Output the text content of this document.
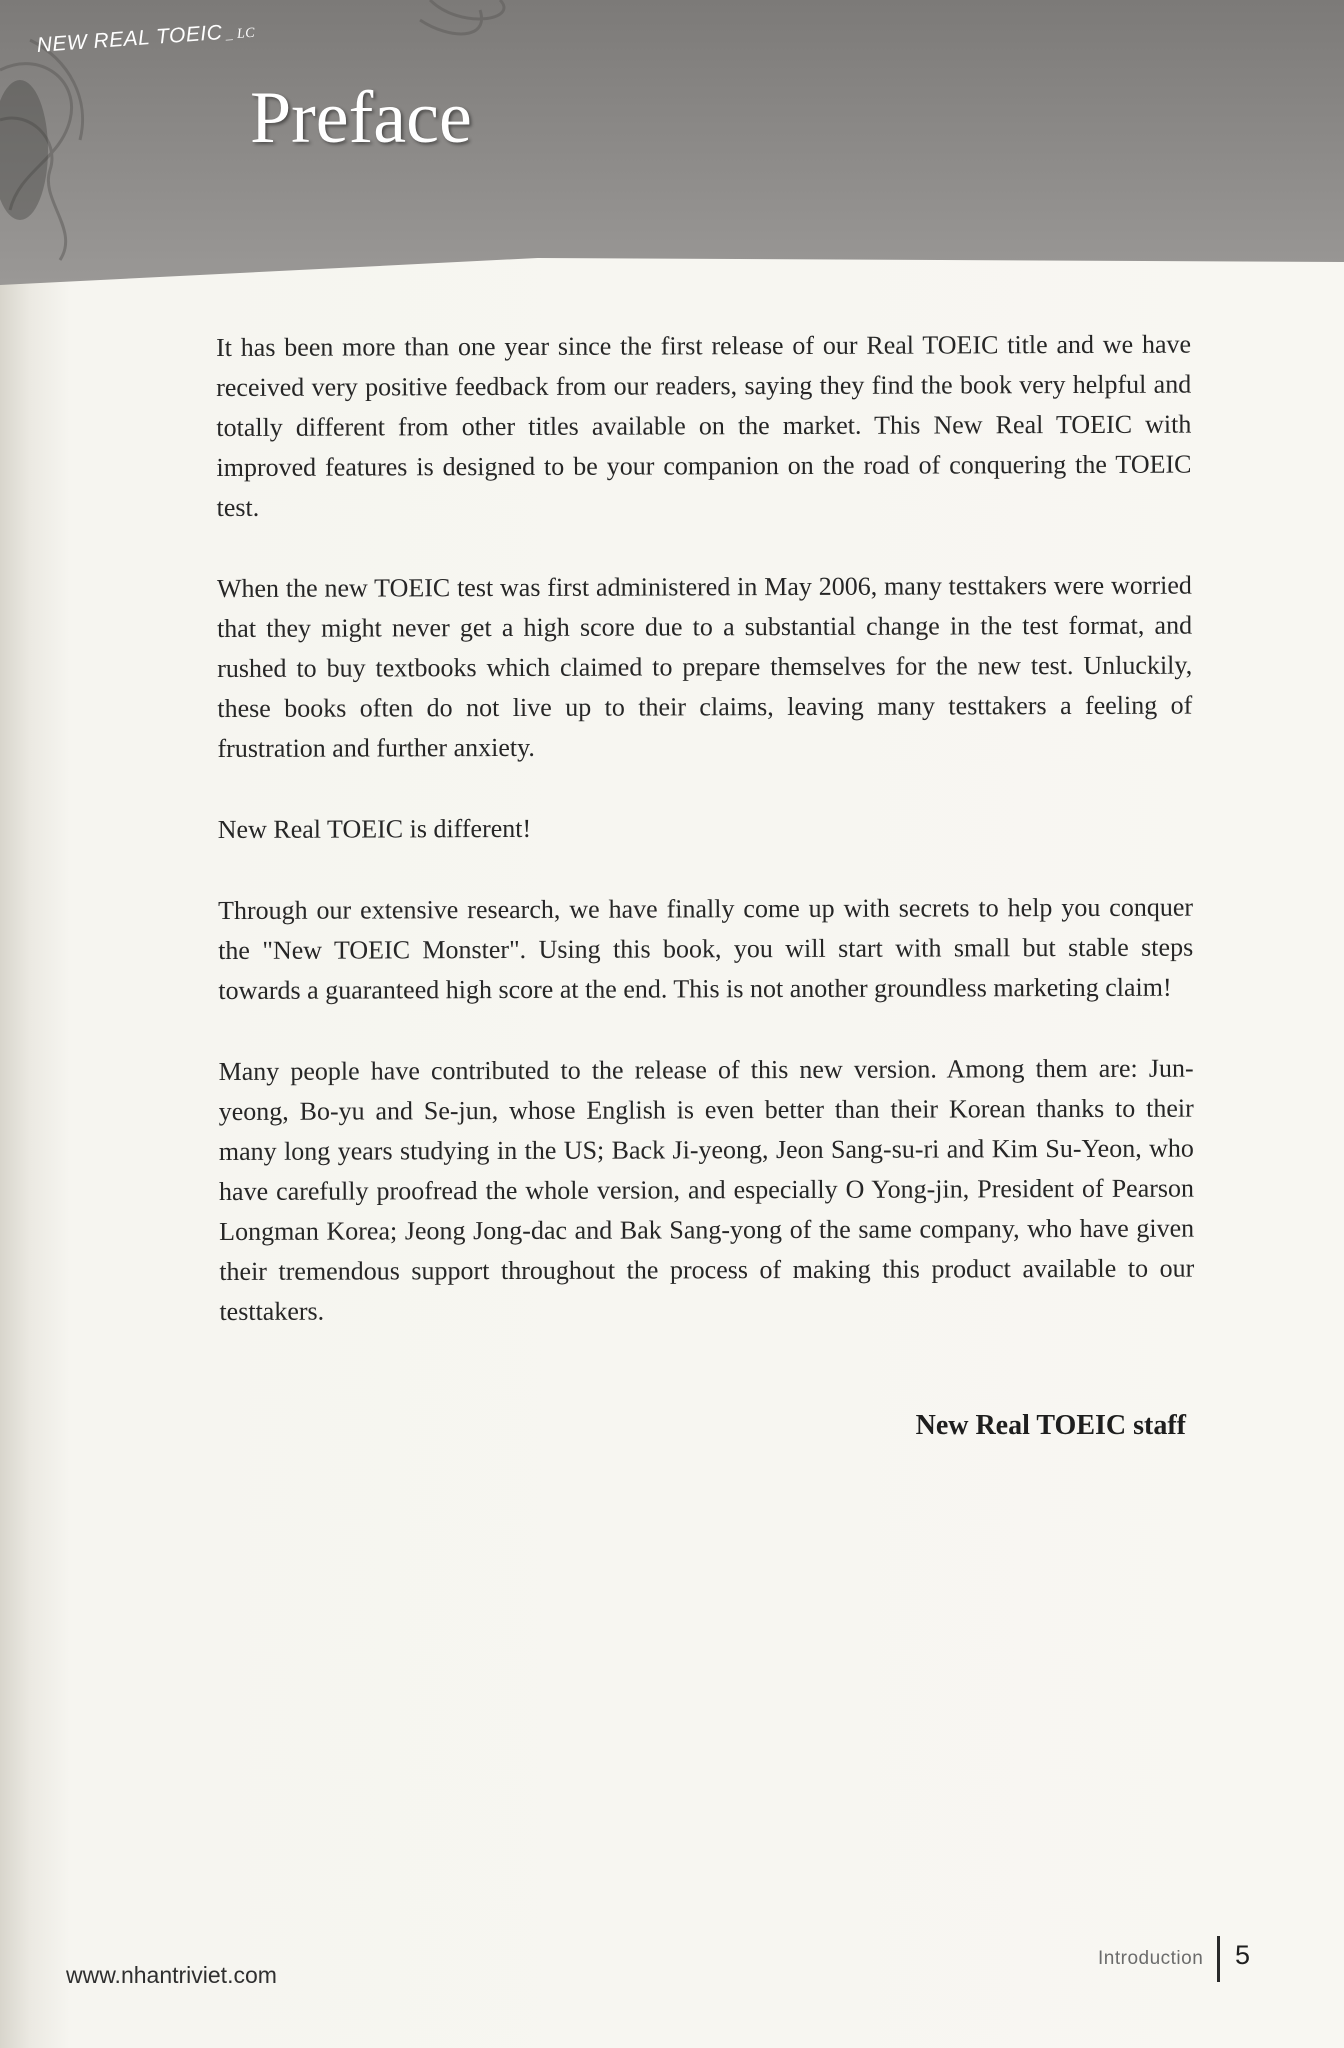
NEW REAL TOEIC _ LC
Preface

It has been more than one year since the first release of our Real TOEIC title and we have received very positive feedback from our readers, saying they find the book very helpful and totally different from other titles available on the market. This New Real TOEIC with improved features is designed to be your companion on the road of conquering the TOEIC test.

When the new TOEIC test was first administered in May 2006, many testtakers were worried that they might never get a high score due to a substantial change in the test format, and rushed to buy textbooks which claimed to prepare themselves for the new test. Unluckily, these books often do not live up to their claims, leaving many testtakers a feeling of frustration and further anxiety.

New Real TOEIC is different!

Through our extensive research, we have finally come up with secrets to help you conquer the "New TOEIC Monster". Using this book, you will start with small but stable steps towards a guaranteed high score at the end. This is not another groundless marketing claim!

Many people have contributed to the release of this new version. Among them are: Jun-yeong, Bo-yu and Se-jun, whose English is even better than their Korean thanks to their many long years studying in the US; Back Ji-yeong, Jeon Sang-su-ri and Kim Su-Yeon, who have carefully proofread the whole version, and especially O Yong-jin, President of Pearson Longman Korea; Jeong Jong-dac and Bak Sang-yong of the same company, who have given their tremendous support throughout the process of making this product available to our testtakers.

New Real TOEIC staff
www.nhantriviet.com
Introduction 5
